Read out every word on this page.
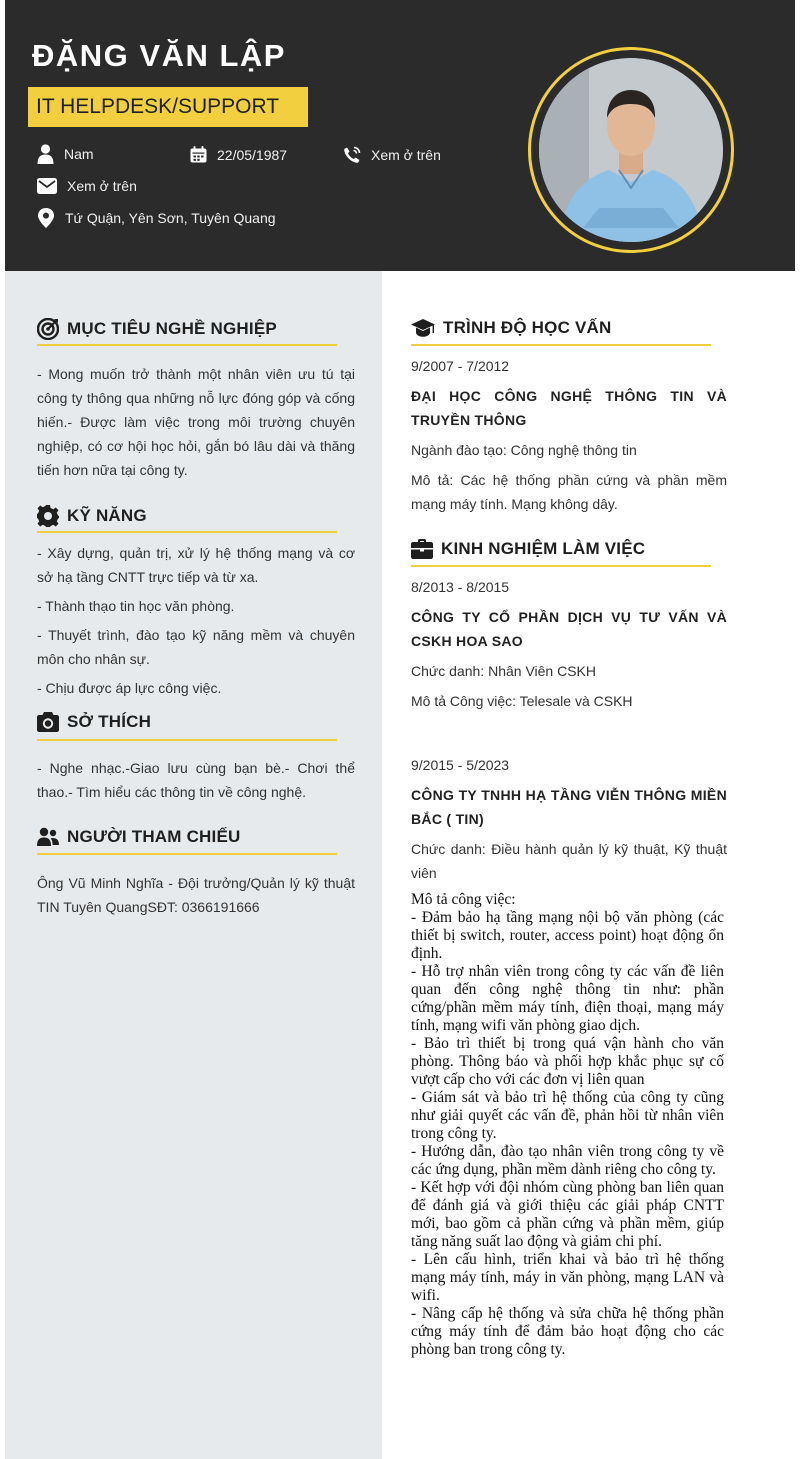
ĐẶNG VĂN LẬP
IT HELPDESK/SUPPORT
Nam	22/05/1987	Xem ở trên
Xem ở trên
Tứ Quận, Yên Sơn, Tuyên Quang
MỤC TIÊU NGHỀ NGHIỆP
- Mong muốn trở thành một nhân viên ưu tú tại công ty thông qua những nỗ lực đóng góp và cống hiến.- Được làm việc trong môi trường chuyên nghiệp, có cơ hội học hỏi, gắn bó lâu dài và thăng tiến hơn nữa tại công ty.
KỸ NĂNG
- Xây dựng, quản trị, xử lý hệ thống mạng và cơ sở hạ tầng CNTT trực tiếp và từ xa.
- Thành thạo tin học văn phòng.
- Thuyết trình, đào tạo kỹ năng mềm và chuyên môn cho nhân sự.
- Chịu được áp lực công việc.
SỞ THÍCH
- Nghe nhạc.-Giao lưu cùng bạn bè.- Chơi thể thao.- Tìm hiểu các thông tin về công nghệ.
NGƯỜI THAM CHIẾU
Ông Vũ Minh Nghĩa - Đội trưởng/Quản lý kỹ thuật TIN Tuyên QuangSĐT: 0366191666
TRÌNH ĐỘ HỌC VẤN
9/2007 - 7/2012
ĐẠI HỌC CÔNG NGHỆ THÔNG TIN VÀ TRUYỀN THÔNG
Ngành đào tạo: Công nghệ thông tin
Mô tả: Các hệ thống phần cứng và phần mềm mạng máy tính. Mạng không dây.
KINH NGHIỆM LÀM VIỆC
8/2013 - 8/2015
CÔNG TY CỔ PHẦN DỊCH VỤ TƯ VẤN VÀ CSKH HOA SAO
Chức danh: Nhân Viên CSKH
Mô tả Công việc: Telesale và CSKH
9/2015 - 5/2023
CÔNG TY TNHH HẠ TẦNG VIỄN THÔNG MIỀN BẮC ( TIN)
Chức danh: Điều hành quản lý kỹ thuật, Kỹ thuật viên
Mô tả công việc:
- Đảm bảo hạ tầng mạng nội bộ văn phòng (các thiết bị switch, router, access point) hoạt động ổn định.
- Hỗ trợ nhân viên trong công ty các vấn đề liên quan đến công nghệ thông tin như: phần cứng/phần mềm máy tính, điện thoại, mạng máy tính, mạng wifi văn phòng giao dịch.
- Bảo trì thiết bị trong quá vận hành cho văn phòng. Thông báo và phối hợp khắc phục sự cố vượt cấp cho với các đơn vị liên quan
- Giám sát và bảo trì hệ thống của công ty cũng như giải quyết các vấn đề, phản hồi từ nhân viên trong công ty.
- Hướng dẫn, đào tạo nhân viên trong công ty về các ứng dụng, phần mềm dành riêng cho công ty.
- Kết hợp với đội nhóm cùng phòng ban liên quan để đánh giá và giới thiệu các giải pháp CNTT mới, bao gồm cả phần cứng và phần mềm, giúp tăng năng suất lao động và giảm chi phí.
- Lên cấu hình, triển khai và bảo trì hệ thống mạng máy tính, máy in văn phòng, mạng LAN và wifi.
- Nâng cấp hệ thống và sửa chữa hệ thống phần cứng máy tính để đảm bảo hoạt động cho các phòng ban trong công ty.
